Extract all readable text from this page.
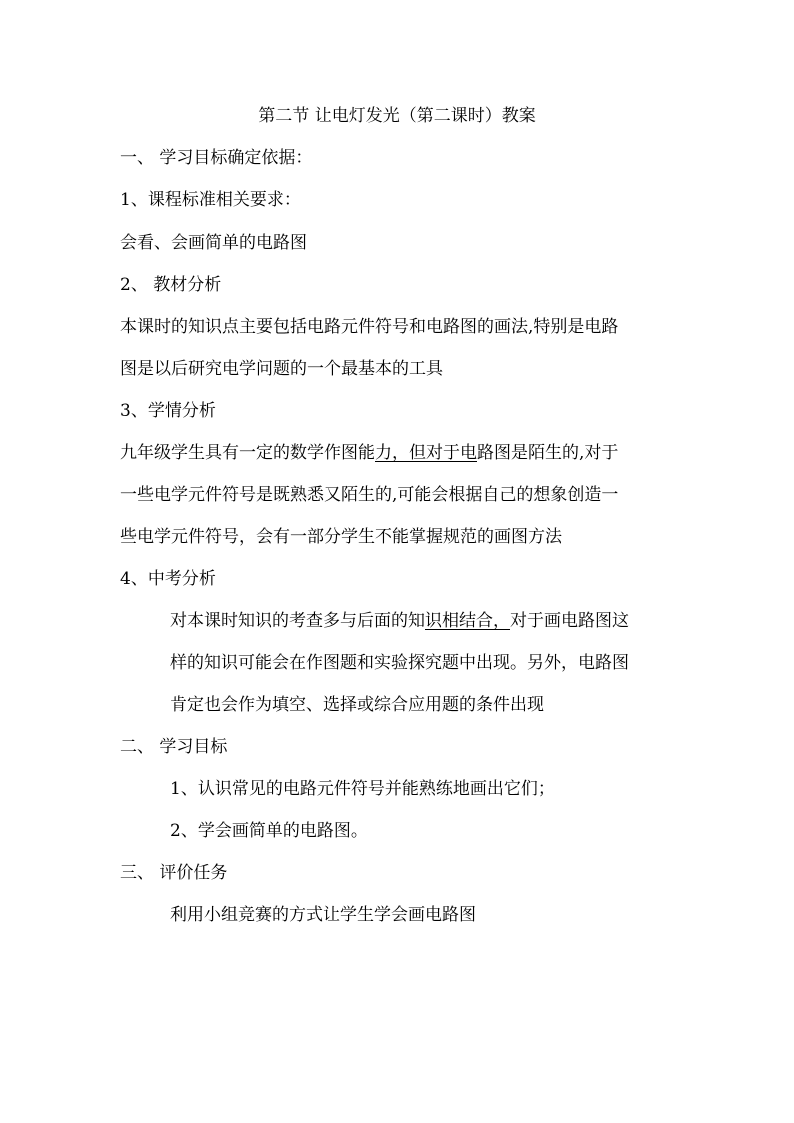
第二节 让电灯发光（第二课时）教案
一、 学习目标确定依据：
1、课程标准相关要求：
会看、会画简单的电路图
2、 教材分析
本课时的知识点主要包括电路元件符号和电路图的画法,特别是电路
图是以后研究电学问题的一个最基本的工具
3、学情分析
九年级学生具有一定的数学作图能力，但对于电路图是陌生的,对于
一些电学元件符号是既熟悉又陌生的,可能会根据自己的想象创造一
些电学元件符号，会有一部分学生不能掌握规范的画图方法
4、中考分析
对本课时知识的考查多与后面的知识相结合，对于画电路图这
样的知识可能会在作图题和实验探究题中出现。另外，电路图
肯定也会作为填空、选择或综合应用题的条件出现
二、 学习目标
1、认识常见的电路元件符号并能熟练地画出它们；
2、学会画简单的电路图。
三、 评价任务
利用小组竞赛的方式让学生学会画电路图
